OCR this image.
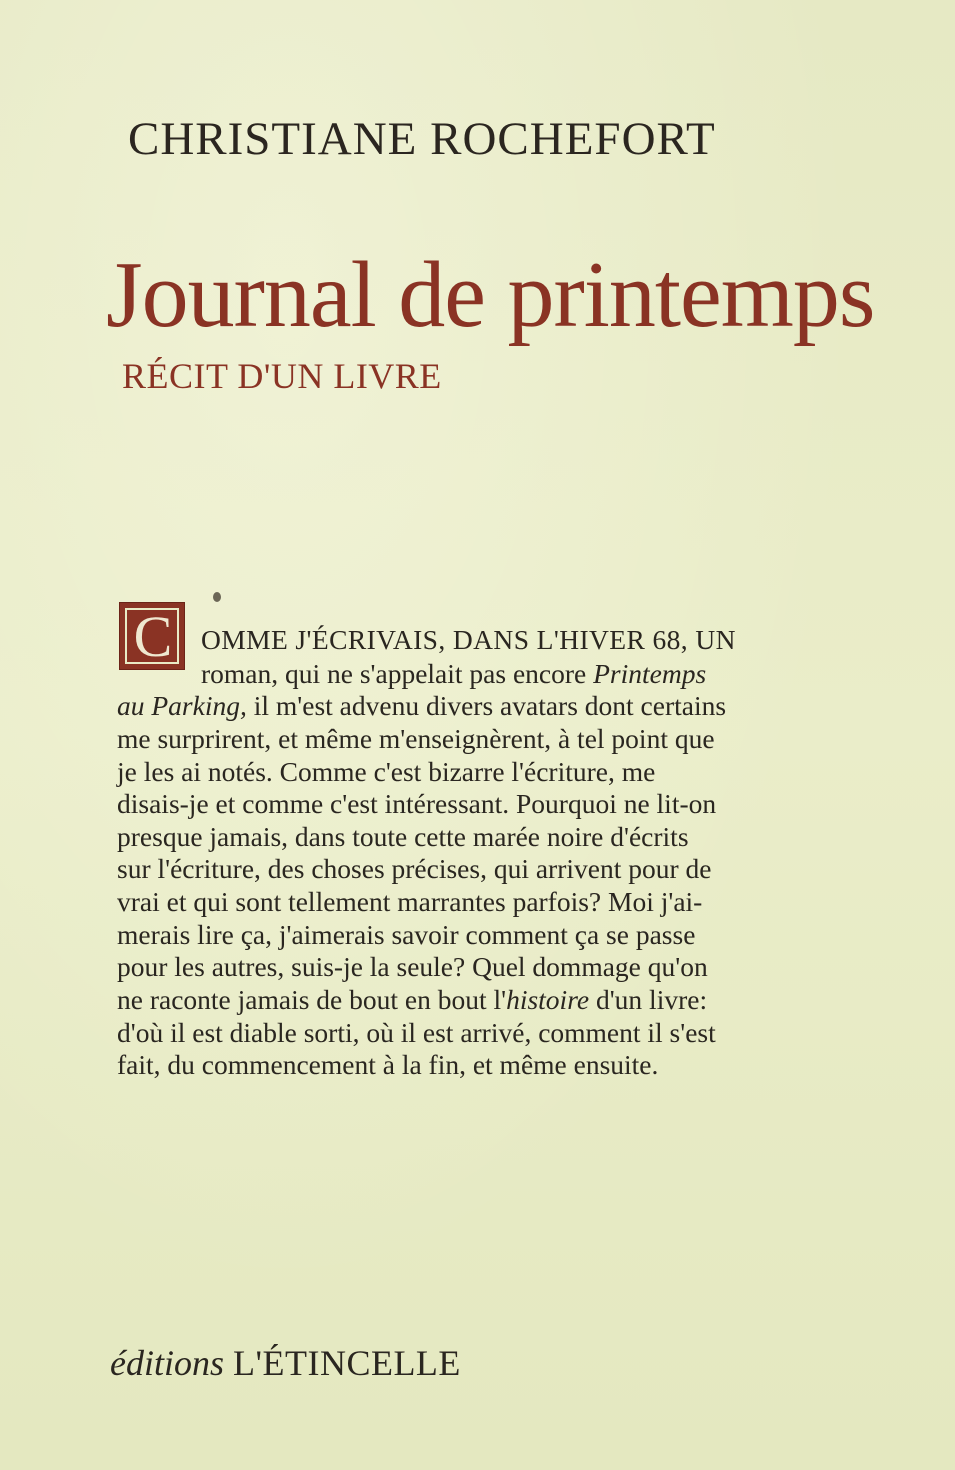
CHRISTIANE ROCHEFORT
Journal de printemps
RÉCIT D'UN LIVRE
C	OMME J'ÉCRIVAIS, DANS L'HIVER 68, UN
roman, qui ne s'appelait pas encore Printemps
au Parking, il m'est advenu divers avatars dont certains
me surprirent, et même m'enseignèrent, à tel point que
je les ai notés. Comme c'est bizarre l'écriture, me
disais-je et comme c'est intéressant. Pourquoi ne lit-on
presque jamais, dans toute cette marée noire d'écrits
sur l'écriture, des choses précises, qui arrivent pour de
vrai et qui sont tellement marrantes parfois? Moi j'ai-
merais lire ça, j'aimerais savoir comment ça se passe
pour les autres, suis-je la seule? Quel dommage qu'on
ne raconte jamais de bout en bout l'histoire d'un livre:
d'où il est diable sorti, où il est arrivé, comment il s'est
fait, du commencement à la fin, et même ensuite.
éditions L'ÉTINCELLE
